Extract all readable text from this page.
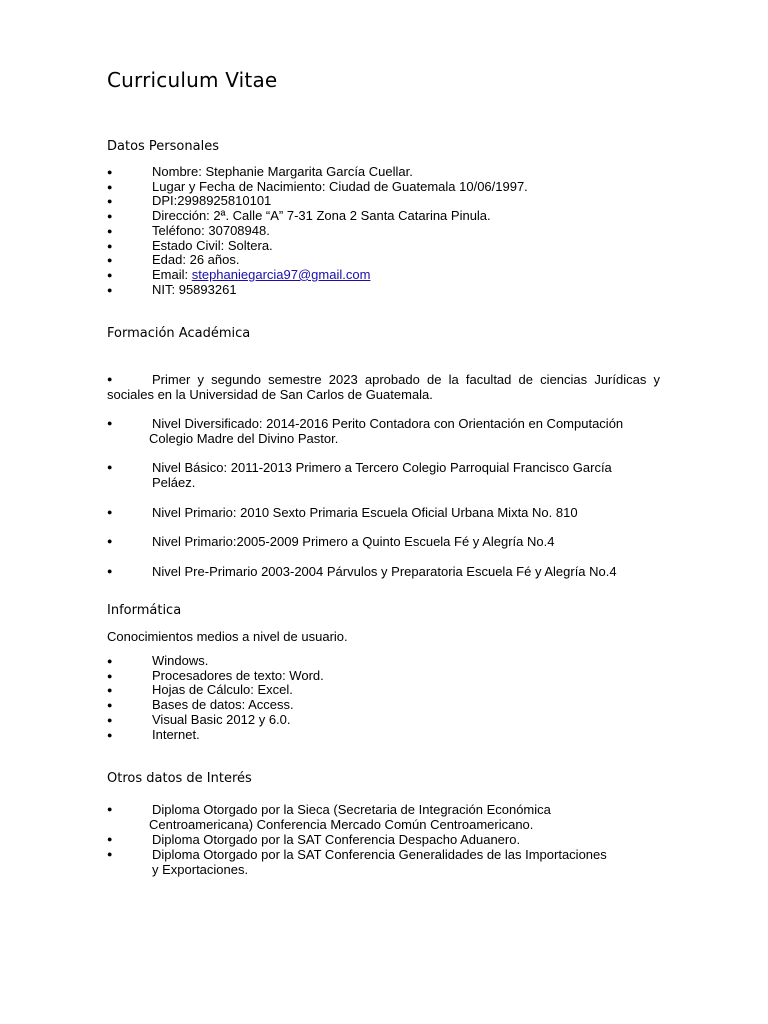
Curriculum Vitae
Datos Personales
● Nombre: Stephanie Margarita García Cuellar.
● Lugar y Fecha de Nacimiento: Ciudad de Guatemala 10/06/1997.
● DPI:2998925810101
● Dirección: 2ª. Calle “A” 7-31 Zona 2 Santa Catarina Pinula.
● Teléfono: 30708948.
● Estado Civil: Soltera.
● Edad: 26 años.
● Email: stephaniegarcia97@gmail.com
● NIT: 95893261
Formación Académica
● Primer y segundo semestre 2023 aprobado de la facultad de ciencias Jurídicas y
sociales en la Universidad de San Carlos de Guatemala.
● Nivel Diversificado: 2014-2016 Perito Contadora con Orientación en Computación
Colegio Madre del Divino Pastor.
● Nivel Básico: 2011-2013 Primero a Tercero Colegio Parroquial Francisco García
Peláez.
● Nivel Primario: 2010 Sexto Primaria Escuela Oficial Urbana Mixta No. 810
● Nivel Primario:2005-2009 Primero a Quinto Escuela Fé y Alegría No.4
● Nivel Pre-Primario 2003-2004 Párvulos y Preparatoria Escuela Fé y Alegría No.4
Informática
Conocimientos medios a nivel de usuario.
● Windows.
● Procesadores de texto: Word.
● Hojas de Cálculo: Excel.
● Bases de datos: Access.
● Visual Basic 2012 y 6.0.
● Internet.
Otros datos de Interés
● Diploma Otorgado por la Sieca (Secretaria de Integración Económica
Centroamericana) Conferencia Mercado Común Centroamericano.
● Diploma Otorgado por la SAT Conferencia Despacho Aduanero.
● Diploma Otorgado por la SAT Conferencia Generalidades de las Importaciones
y Exportaciones.
